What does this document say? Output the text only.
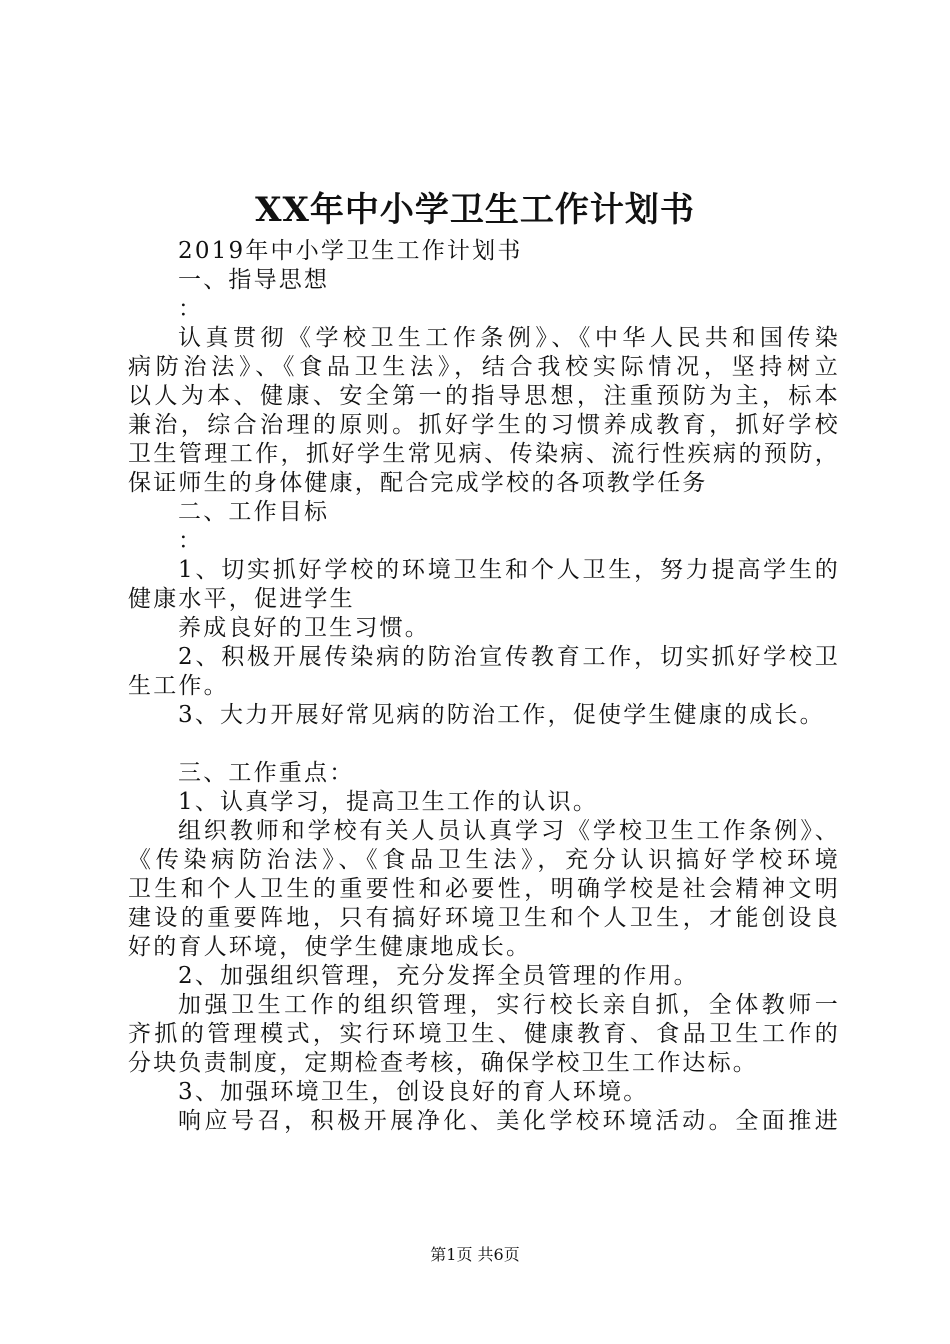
XX年中小学卫生工作计划书
2019年中小学卫生工作计划书
一、指导思想
：
认真贯彻《学校卫生工作条例》、《中华人民共和国传染
病防治法》、《食品卫生法》，结合我校实际情况，坚持树立
以人为本、健康、安全第一的指导思想，注重预防为主，标本
兼治，综合治理的原则。抓好学生的习惯养成教育，抓好学校
卫生管理工作，抓好学生常见病、传染病、流行性疾病的预防，
保证师生的身体健康，配合完成学校的各项教学任务
二、工作目标
：
1、切实抓好学校的环境卫生和个人卫生，努力提高学生的
健康水平，促进学生
养成良好的卫生习惯。
2、积极开展传染病的防治宣传教育工作，切实抓好学校卫
生工作。
3、大力开展好常见病的防治工作，促使学生健康的成长。
三、工作重点：
1、认真学习，提高卫生工作的认识。
组织教师和学校有关人员认真学习《学校卫生工作条例》、
《传染病防治法》、《食品卫生法》，充分认识搞好学校环境
卫生和个人卫生的重要性和必要性，明确学校是社会精神文明
建设的重要阵地，只有搞好环境卫生和个人卫生，才能创设良
好的育人环境，使学生健康地成长。
2、加强组织管理，充分发挥全员管理的作用。
加强卫生工作的组织管理，实行校长亲自抓，全体教师一
齐抓的管理模式，实行环境卫生、健康教育、食品卫生工作的
分块负责制度，定期检查考核，确保学校卫生工作达标。
3、加强环境卫生，创设良好的育人环境。
响应号召，积极开展净化、美化学校环境活动。全面推进
第1页 共6页
